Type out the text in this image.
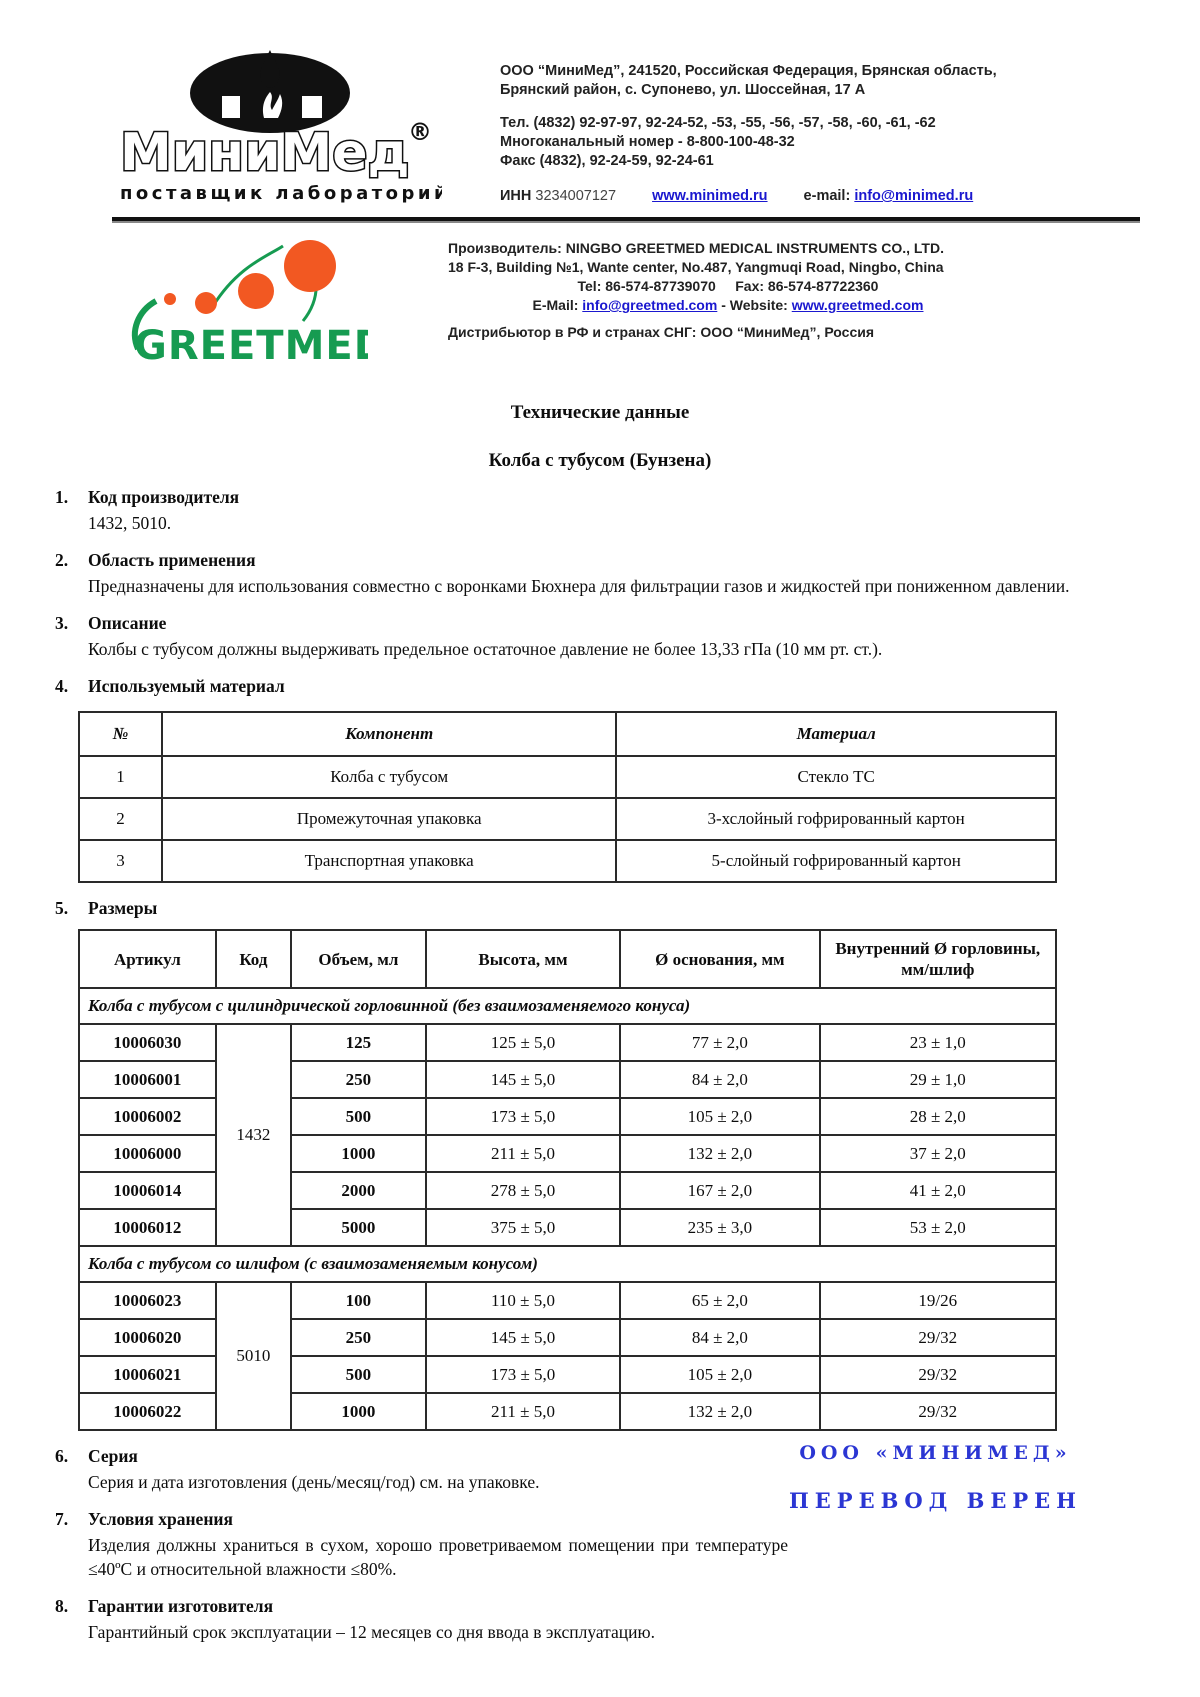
МиниМед
®
поставщик лабораторий
ООО “МиниМед”, 241520, Российская Федерация, Брянская область,
Брянский район, с. Супонево, ул. Шоссейная, 17 А
Тел. (4832) 92-97-97, 92-24-52, -53, -55, -56, -57, -58, -60, -61, -62
Многоканальный номер - 8-800-100-48-32
Факс (4832), 92-24-59, 92-24-61
ИНН 3234007127 www.minimed.ru e-mail: info@minimed.ru
GREETMED
Производитель: NINGBO GREETMED MEDICAL INSTRUMENTS CO., LTD.
18 F-3, Building №1, Wante center, No.487, Yangmuqi Road, Ningbo, China
Tel: 86-574-87739070 Fax: 86-574-87722360
E-Mail: info@greetmed.com - Website: www.greetmed.com
Дистрибьютор в РФ и странах СНГ: ООО “МиниМед”, Россия
Технические данные
Колба с тубусом (Бунзена)
1.	Код производителя
1432, 5010.
2.	Область применения
Предназначены для использования совместно с воронками Бюхнера для фильтрации газов и жидкостей при пониженном давлении.
3.	Описание
Колбы с тубусом должны выдерживать предельное остаточное давление не более 13,33 гПа (10 мм рт. ст.).
4.	Используемый материал
№	Компонент	Материал
1	Колба с тубусом	Стекло ТС
2	Промежуточная упаковка	3-хслойный гофрированный картон
3	Транспортная упаковка	5-слойный гофрированный картон
5.	Размеры
Артикул	Код	Объем, мл	Высота, мм	Ø основания, мм	Внутренний Ø горловины, мм/шлиф
Колба с тубусом с цилиндрической горловинной (без взаимозаменяемого конуса)					
10006030	1432	125	125 ± 5,0	77 ± 2,0	23 ± 1,0
10006001		250	145 ± 5,0	84 ± 2,0	29 ± 1,0
10006002		500	173 ± 5,0	105 ± 2,0	28 ± 2,0
10006000		1000	211 ± 5,0	132 ± 2,0	37 ± 2,0
10006014		2000	278 ± 5,0	167 ± 2,0	41 ± 2,0
10006012		5000	375 ± 5,0	235 ± 3,0	53 ± 2,0
Колба с тубусом со шлифом (с взаимозаменяемым конусом)					
10006023	5010	100	110 ± 5,0	65 ± 2,0	19/26
10006020		250	145 ± 5,0	84 ± 2,0	29/32
10006021		500	173 ± 5,0	105 ± 2,0	29/32
10006022		1000	211 ± 5,0	132 ± 2,0	29/32
ООО «МИНИМЕД»
ПЕРЕВОД ВЕРЕН
6.	Серия
Серия и дата изготовления (день/месяц/год) см. на упаковке.
7.	Условия хранения
Изделия должны храниться в сухом, хорошо проветриваемом помещении при температуре ≤40ºС и относительной влажности ≤80%.
8.	Гарантии изготовителя
Гарантийный срок эксплуатации – 12 месяцев со дня ввода в эксплуатацию.
